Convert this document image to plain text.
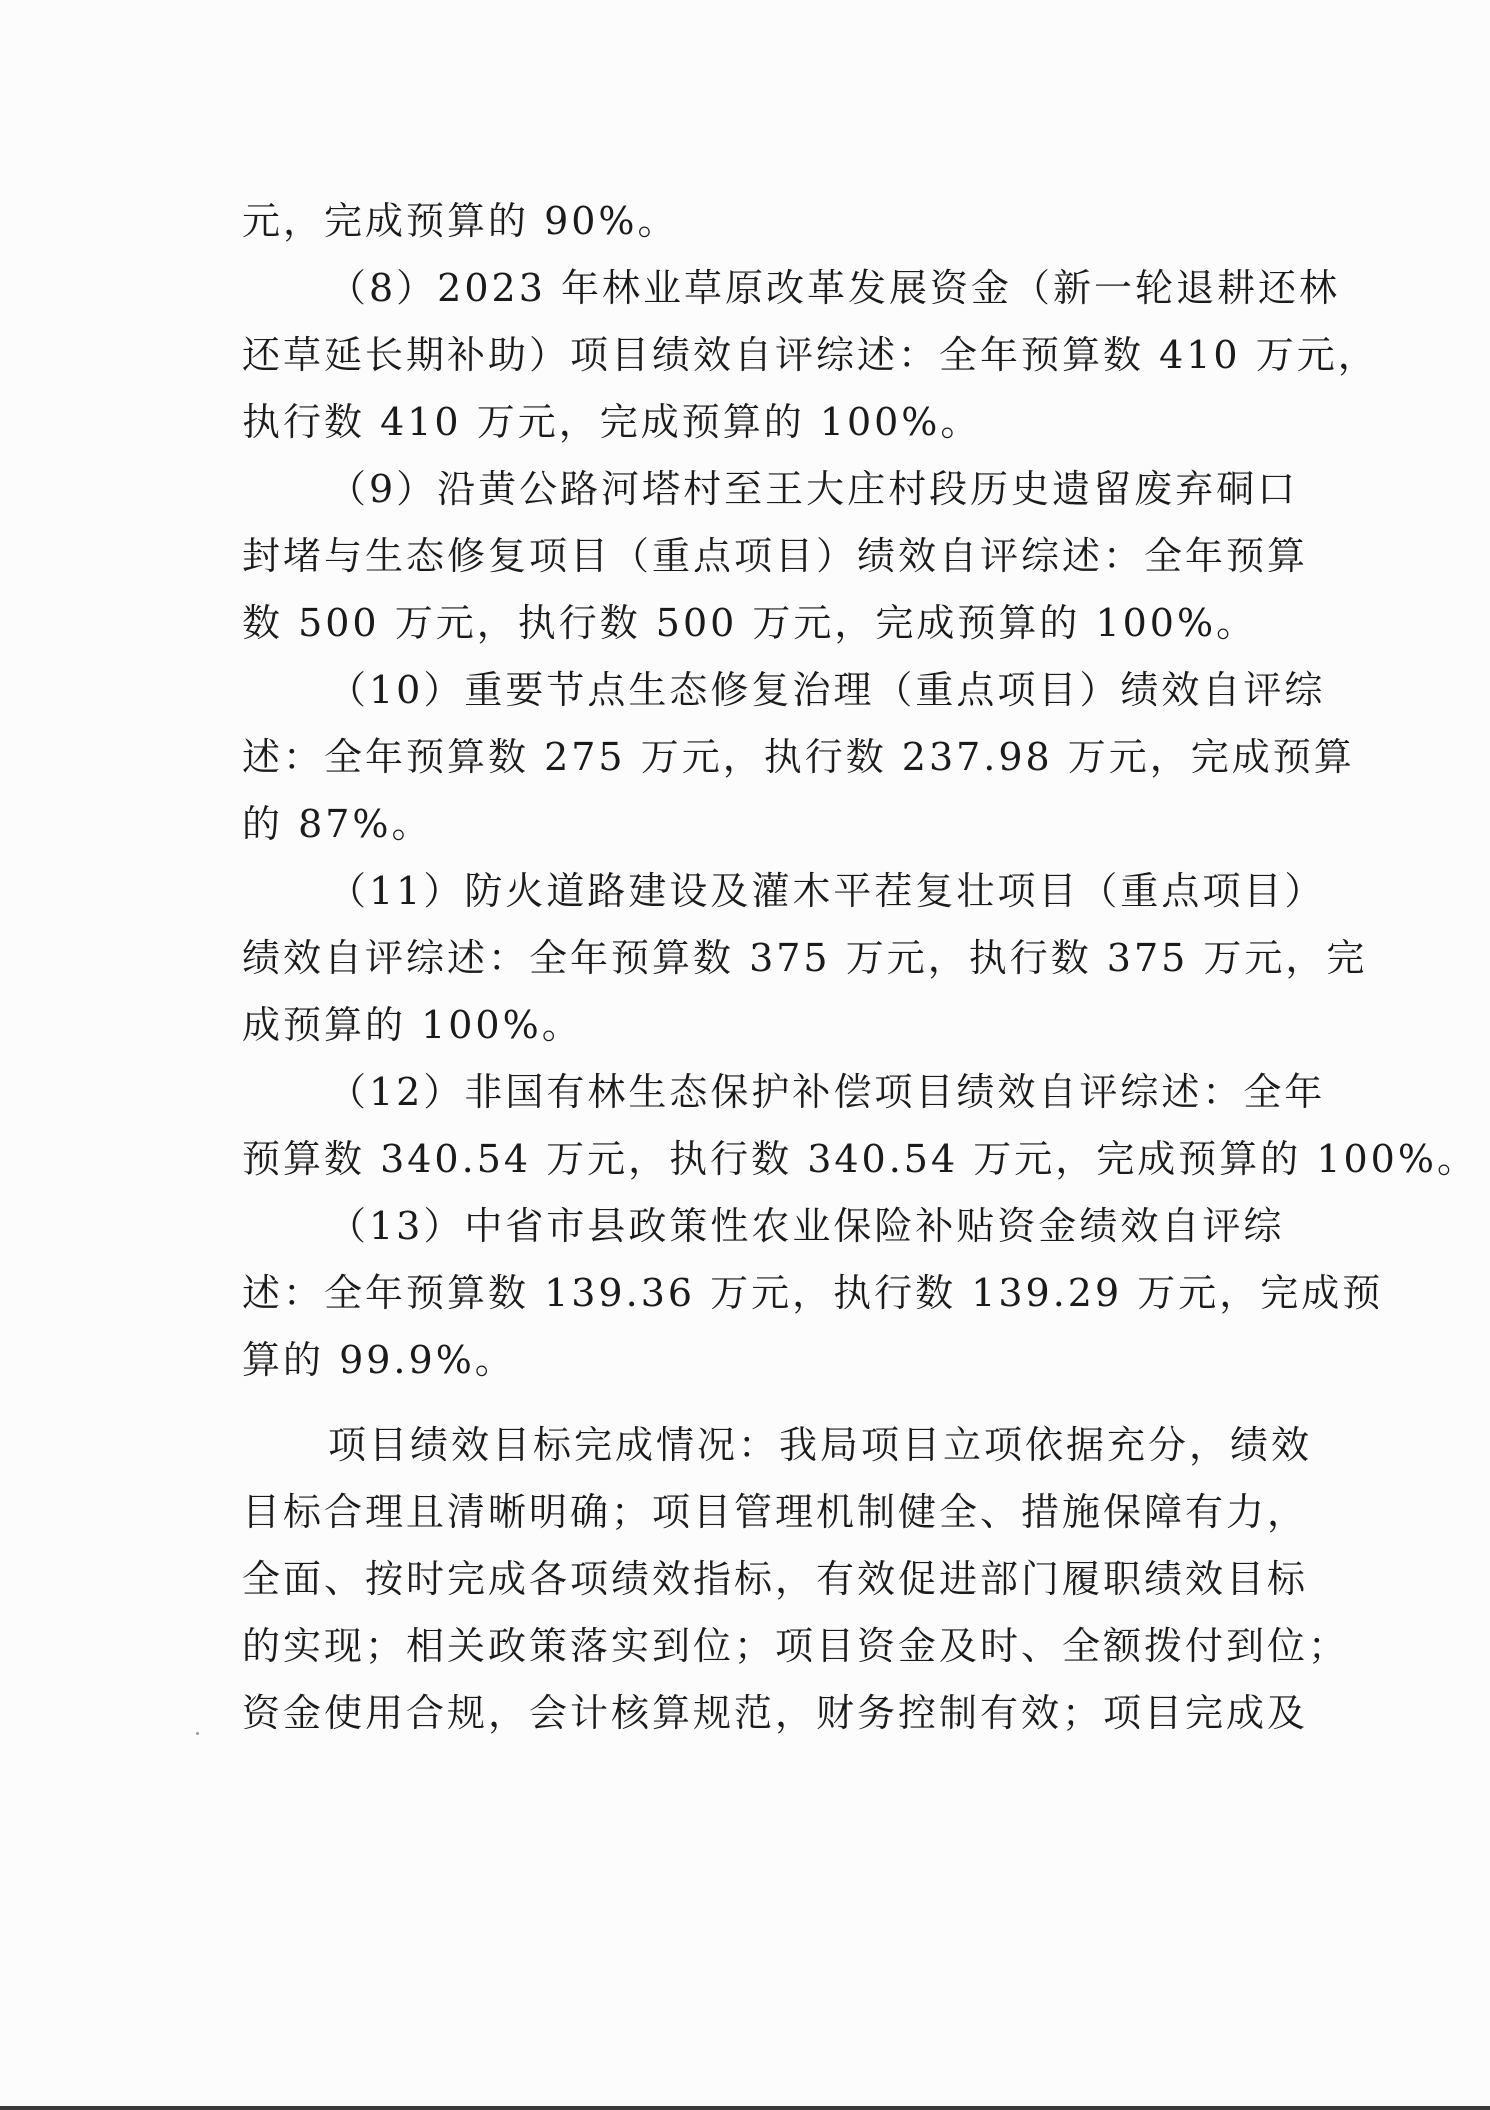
元，完成预算的 90%。
（8）2023 年林业草原改革发展资金（新一轮退耕还林
还草延长期补助）项目绩效自评综述：全年预算数 410 万元，
执行数 410 万元，完成预算的 100%。
（9）沿黄公路河塔村至王大庄村段历史遗留废弃硐口
封堵与生态修复项目（重点项目）绩效自评综述：全年预算
数 500 万元，执行数 500 万元，完成预算的 100%。
（10）重要节点生态修复治理（重点项目）绩效自评综
述：全年预算数 275 万元，执行数 237.98 万元，完成预算
的 87%。
（11）防火道路建设及灌木平茬复壮项目（重点项目）
绩效自评综述：全年预算数 375 万元，执行数 375 万元，完
成预算的 100%。
（12）非国有林生态保护补偿项目绩效自评综述：全年
预算数 340.54 万元，执行数 340.54 万元，完成预算的 100%。
（13）中省市县政策性农业保险补贴资金绩效自评综
述：全年预算数 139.36 万元，执行数 139.29 万元，完成预
算的 99.9%。
项目绩效目标完成情况：我局项目立项依据充分，绩效
目标合理且清晰明确；项目管理机制健全、措施保障有力，
全面、按时完成各项绩效指标，有效促进部门履职绩效目标
的实现；相关政策落实到位；项目资金及时、全额拨付到位；
资金使用合规，会计核算规范，财务控制有效；项目完成及
